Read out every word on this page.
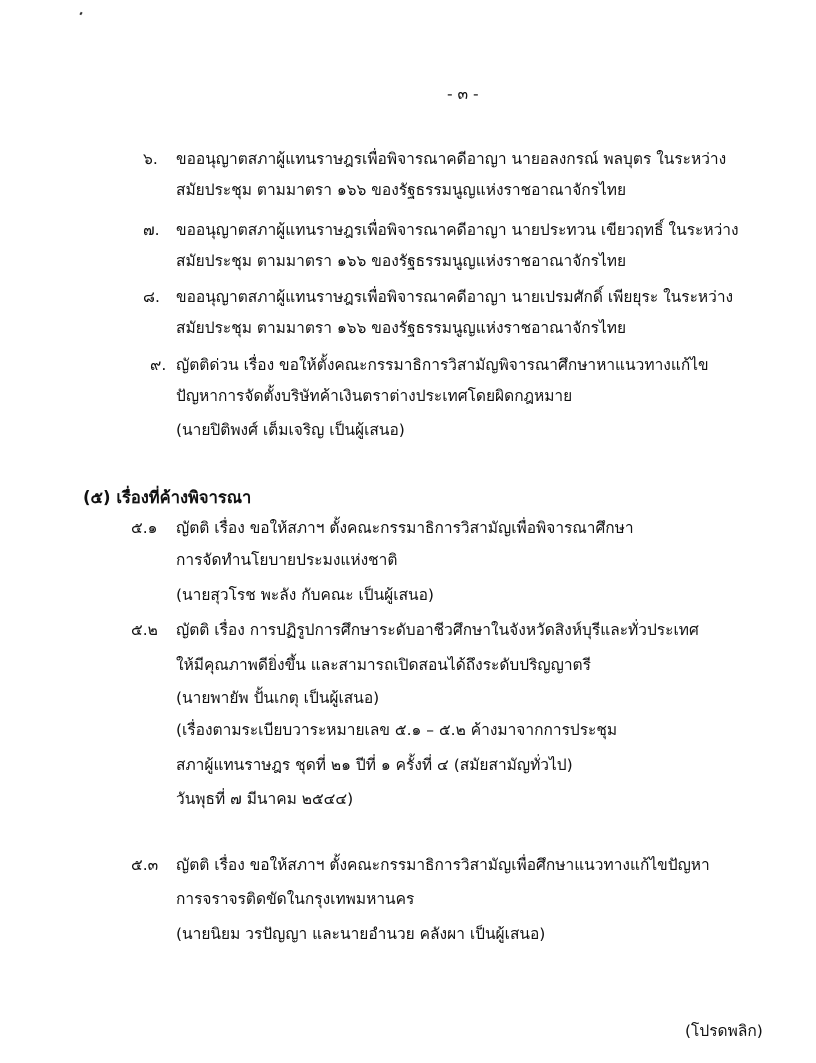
- ๓ -
๖. ขออนุญาตสภาผู้แทนราษฎรเพื่อพิจารณาคดีอาญา นายอลงกรณ์ พลบุตร ในระหว่าง
สมัยประชุม ตามมาตรา ๑๖๖ ของรัฐธรรมนูญแห่งราชอาณาจักรไทย
๗. ขออนุญาตสภาผู้แทนราษฎรเพื่อพิจารณาคดีอาญา นายประทวน เขียวฤทธิ์ ในระหว่าง
สมัยประชุม ตามมาตรา ๑๖๖ ของรัฐธรรมนูญแห่งราชอาณาจักรไทย
๘. ขออนุญาตสภาผู้แทนราษฎรเพื่อพิจารณาคดีอาญา นายเปรมศักดิ์ เพียยุระ ในระหว่าง
สมัยประชุม ตามมาตรา ๑๖๖ ของรัฐธรรมนูญแห่งราชอาณาจักรไทย
๙. ญัตติด่วน เรื่อง ขอให้ตั้งคณะกรรมาธิการวิสามัญพิจารณาศึกษาหาแนวทางแก้ไข
ปัญหาการจัดตั้งบริษัทค้าเงินตราต่างประเทศโดยผิดกฎหมาย
(นายปิติพงศ์ เต็มเจริญ เป็นผู้เสนอ)
(๕) เรื่องที่ค้างพิจารณา
๕.๑ ญัตติ เรื่อง ขอให้สภาฯ ตั้งคณะกรรมาธิการวิสามัญเพื่อพิจารณาศึกษา
การจัดทำนโยบายประมงแห่งชาติ
(นายสุวโรช พะลัง กับคณะ เป็นผู้เสนอ)
๕.๒ ญัตติ เรื่อง การปฏิรูปการศึกษาระดับอาชีวศึกษาในจังหวัดสิงห์บุรีและทั่วประเทศ
ให้มีคุณภาพดียิ่งขึ้น และสามารถเปิดสอนได้ถึงระดับปริญญาตรี
(นายพายัพ ปั้นเกตุ เป็นผู้เสนอ)
(เรื่องตามระเบียบวาระหมายเลข ๕.๑ – ๕.๒ ค้างมาจากการประชุม
สภาผู้แทนราษฎร ชุดที่ ๒๑ ปีที่ ๑ ครั้งที่ ๔ (สมัยสามัญทั่วไป)
วันพุธที่ ๗ มีนาคม ๒๕๔๔)
๕.๓ ญัตติ เรื่อง ขอให้สภาฯ ตั้งคณะกรรมาธิการวิสามัญเพื่อศึกษาแนวทางแก้ไขปัญหา
การจราจรติดขัดในกรุงเทพมหานคร
(นายนิยม วรปัญญา และนายอำนวย คลังผา เป็นผู้เสนอ)
(โปรดพลิก)
